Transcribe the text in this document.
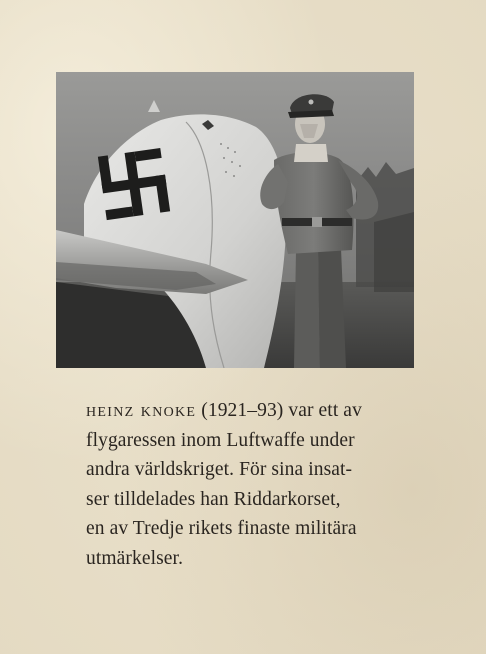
heinz knoke (1921–93) var ett av
flygaressen inom Luftwaffe under
andra världskriget. För sina insat-
ser tilldelades han Riddarkorset,
en av Tredje rikets finaste militära
utmärkelser.
